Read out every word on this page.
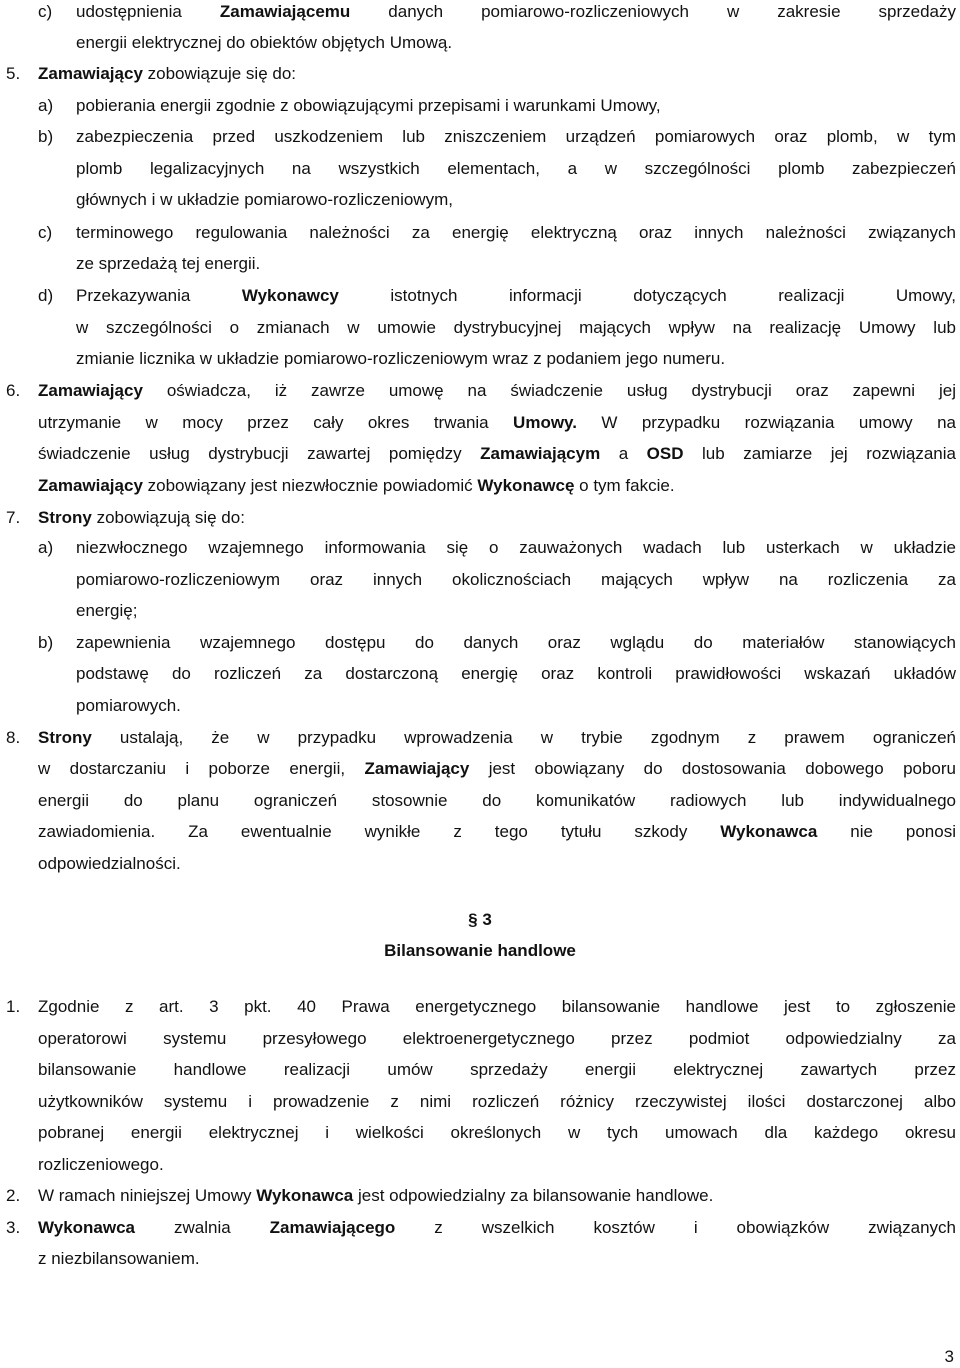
c)	udostępnienia Zamawiającemu danych pomiarowo-rozliczeniowych w zakresie sprzedaży
energii elektrycznej do obiektów objętych Umową.
5.	Zamawiający zobowiązuje się do:
a)	pobierania energii zgodnie z obowiązującymi przepisami i warunkami Umowy,
b)	zabezpieczenia przed uszkodzeniem lub zniszczeniem urządzeń pomiarowych oraz plomb, w tym
plomb legalizacyjnych na wszystkich elementach, a w szczególności plomb zabezpieczeń
głównych i w układzie pomiarowo-rozliczeniowym,
c)	terminowego regulowania należności za energię elektryczną oraz innych należności związanych
ze sprzedażą tej energii.
d)	Przekazywania Wykonawcy istotnych informacji dotyczących realizacji Umowy,
w szczególności o zmianach w umowie dystrybucyjnej mających wpływ na realizację Umowy lub
zmianie licznika w układzie pomiarowo-rozliczeniowym wraz z podaniem jego numeru.
6.	Zamawiający oświadcza, iż zawrze umowę na świadczenie usług dystrybucji oraz zapewni jej
utrzymanie w mocy przez cały okres trwania Umowy. W przypadku rozwiązania umowy na
świadczenie usług dystrybucji zawartej pomiędzy Zamawiającym a OSD lub zamiarze jej rozwiązania
Zamawiający zobowiązany jest niezwłocznie powiadomić Wykonawcę o tym fakcie.
7.	Strony zobowiązują się do:
a)	niezwłocznego wzajemnego informowania się o zauważonych wadach lub usterkach w układzie
pomiarowo-rozliczeniowym oraz innych okolicznościach mających wpływ na rozliczenia za
energię;
b)	zapewnienia wzajemnego dostępu do danych oraz wglądu do materiałów stanowiących
podstawę do rozliczeń za dostarczoną energię oraz kontroli prawidłowości wskazań układów
pomiarowych.
8.	Strony ustalają, że w przypadku wprowadzenia w trybie zgodnym z prawem ograniczeń
w dostarczaniu i poborze energii, Zamawiający jest obowiązany do dostosowania dobowego poboru
energii do planu ograniczeń stosownie do komunikatów radiowych lub indywidualnego
zawiadomienia. Za ewentualnie wynikłe z tego tytułu szkody Wykonawca nie ponosi
odpowiedzialności.
§ 3
Bilansowanie handlowe
1.	Zgodnie z art. 3 pkt. 40 Prawa energetycznego bilansowanie handlowe jest to zgłoszenie
operatorowi systemu przesyłowego elektroenergetycznego przez podmiot odpowiedzialny za
bilansowanie handlowe realizacji umów sprzedaży energii elektrycznej zawartych przez
użytkowników systemu i prowadzenie z nimi rozliczeń różnicy rzeczywistej ilości dostarczonej albo
pobranej energii elektrycznej i wielkości określonych w tych umowach dla każdego okresu
rozliczeniowego.
2.	W ramach niniejszej Umowy Wykonawca jest odpowiedzialny za bilansowanie handlowe.
3.	Wykonawca zwalnia Zamawiającego z wszelkich kosztów i obowiązków związanych
z niezbilansowaniem.
3
